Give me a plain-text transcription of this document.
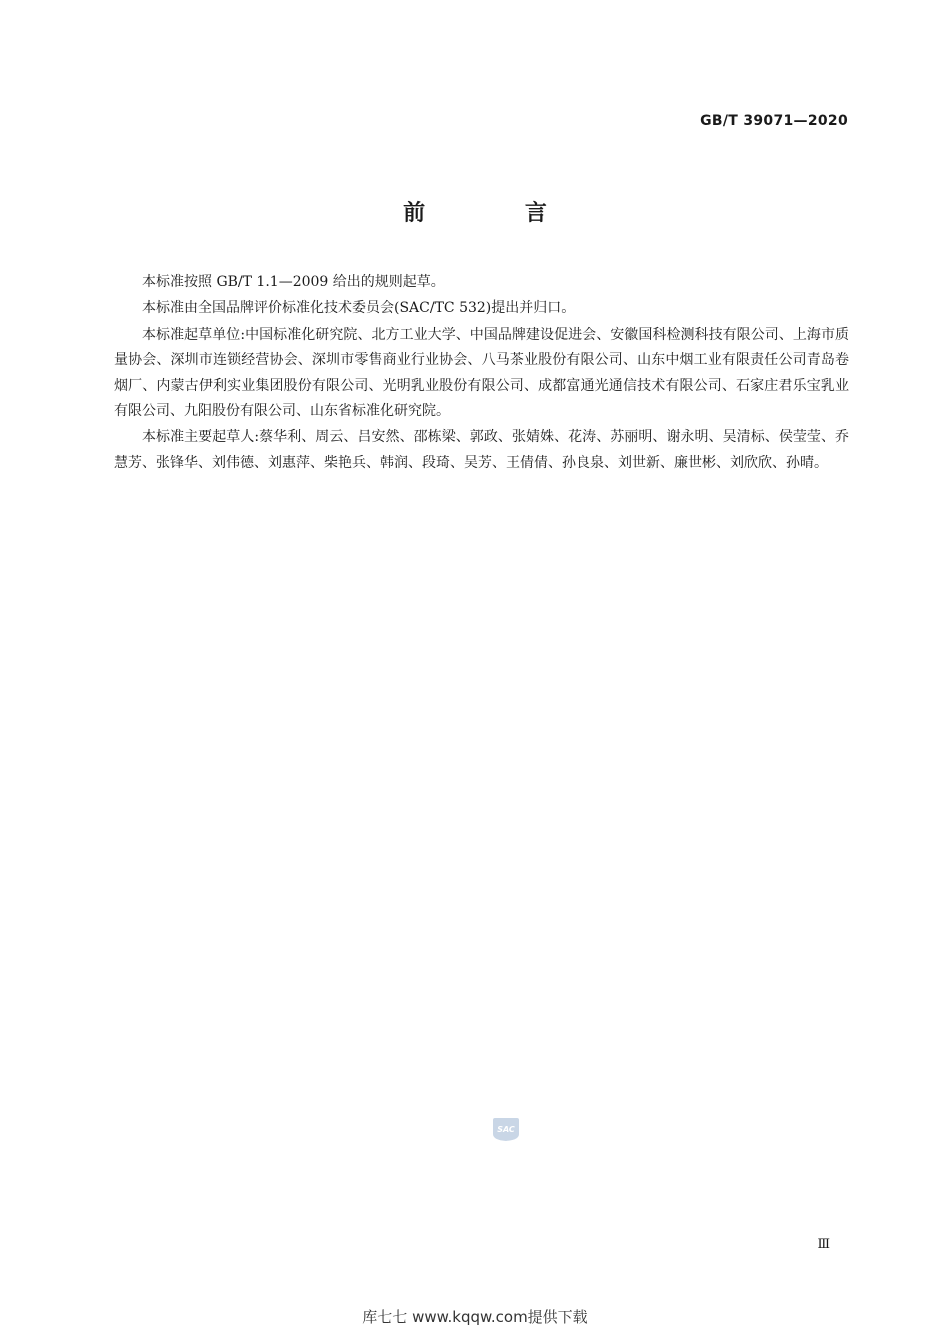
GB/T 39071—2020
前 言

本标准按照 GB/T 1.1—2009 给出的规则起草。

本标准由全国品牌评价标准化技术委员会(SAC/TC 532)提出并归口。

本标准起草单位:中国标准化研究院、北方工业大学、中国品牌建设促进会、安徽国科检测科技有限公司、上海市质量协会、深圳市连锁经营协会、深圳市零售商业行业协会、八马茶业股份有限公司、山东中烟工业有限责任公司青岛卷烟厂、内蒙古伊利实业集团股份有限公司、光明乳业股份有限公司、成都富通光通信技术有限公司、石家庄君乐宝乳业有限公司、九阳股份有限公司、山东省标准化研究院。

本标准主要起草人:蔡华利、周云、吕安然、邵栋梁、郭政、张婧姝、花涛、苏丽明、谢永明、吴清标、侯莹莹、乔慧芳、张锋华、刘伟德、刘惠萍、柴艳兵、韩润、段琦、吴芳、王倩倩、孙良泉、刘世新、廉世彬、刘欣欣、孙晴。

SAC
Ⅲ
库七七 www.kqqw.com提供下载
